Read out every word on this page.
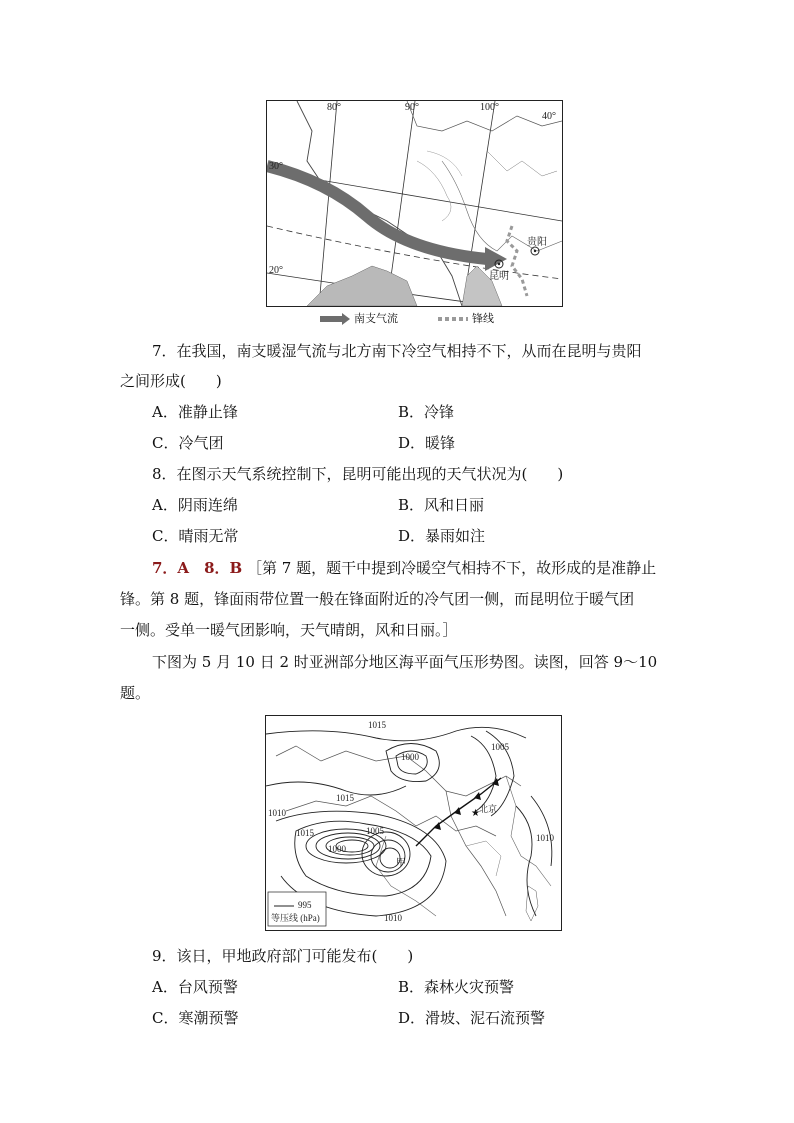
80°	90°	100°
30°
20°
40°
贵阳
昆明
南支气流	锋线
7．在我国，南支暖湿气流与北方南下冷空气相持不下，从而在昆明与贵阳
之间形成(　　)
A．准静止锋	B．冷锋
C．冷气团	D．暖锋
8．在图示天气系统控制下，昆明可能出现的天气状况为(　　)
A．阴雨连绵	B．风和日丽
C．晴雨无常	D．暴雨如注
7．A　8．B ［第 7 题，题干中提到冷暖空气相持不下，故形成的是准静止
锋。第 8 题，锋面雨带位置一般在锋面附近的冷气团一侧，而昆明位于暖气团
一侧。受单一暖气团影响，天气晴朗，风和日丽。］
下图为 5 月 10 日 2 时亚洲部分地区海平面气压形势图。读图，回答 9～10
题。
★
1015
1000
1005
1015
1010
1015	1005
1000
1010
1010
甲
北京
995
等压线 (hPa)
9．该日，甲地政府部门可能发布(　　)
A．台风预警	B．森林火灾预警
C．寒潮预警	D．滑坡、泥石流预警
